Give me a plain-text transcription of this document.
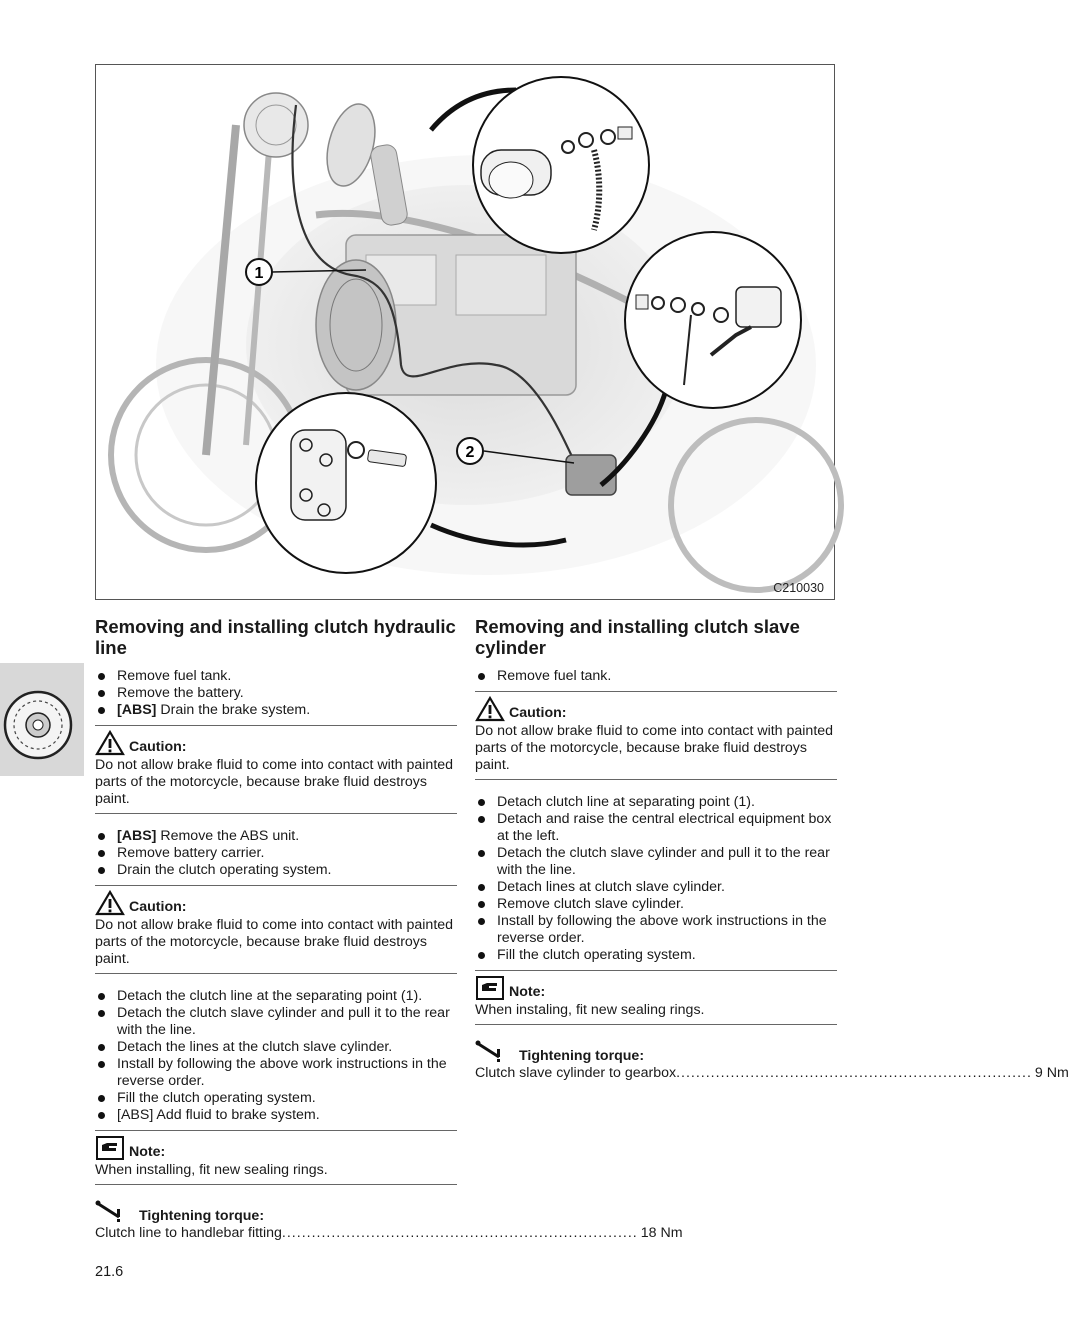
1
2
C210030
Removing and installing clutch hydraulic line
Remove fuel tank.
Remove the battery.
[ABS] Drain the brake system.
Caution:
Do not allow brake fluid to come into contact with painted parts of the motorcycle, because brake fluid destroys paint.
[ABS] Remove the ABS unit.
Remove battery carrier.
Drain the clutch operating system.
Caution:
Do not allow brake fluid to come into contact with painted parts of the motorcycle, because brake fluid destroys paint.
Detach the clutch line at the separating point (1).
Detach the clutch slave cylinder and pull it to the rear with the line.
Detach the lines at the clutch slave cylinder.
Install by following the above work instructions in the reverse order.
Fill the clutch operating system.
[ABS] Add fluid to brake system.
Note:
When installing, fit new sealing rings.
Tightening torque:
Clutch line to handlebar fitting ........................................................................ 18 Nm
Removing and installing clutch slave cylinder
Remove fuel tank.
Caution:
Do not allow brake fluid to come into contact with painted parts of the motorcycle, because brake fluid destroys paint.
Detach clutch line at separating point (1).
Detach and raise the central electrical equipment box at the left.
Detach the clutch slave cylinder and pull it to the rear with the line.
Detach lines at clutch slave cylinder.
Remove clutch slave cylinder.
Install by following the above work instructions in the reverse order.
Fill the clutch operating system.
Note:
When instaling, fit new sealing rings.
Tightening torque:
Clutch slave cylinder to gearbox ........................................................................ 9 Nm
21.6
